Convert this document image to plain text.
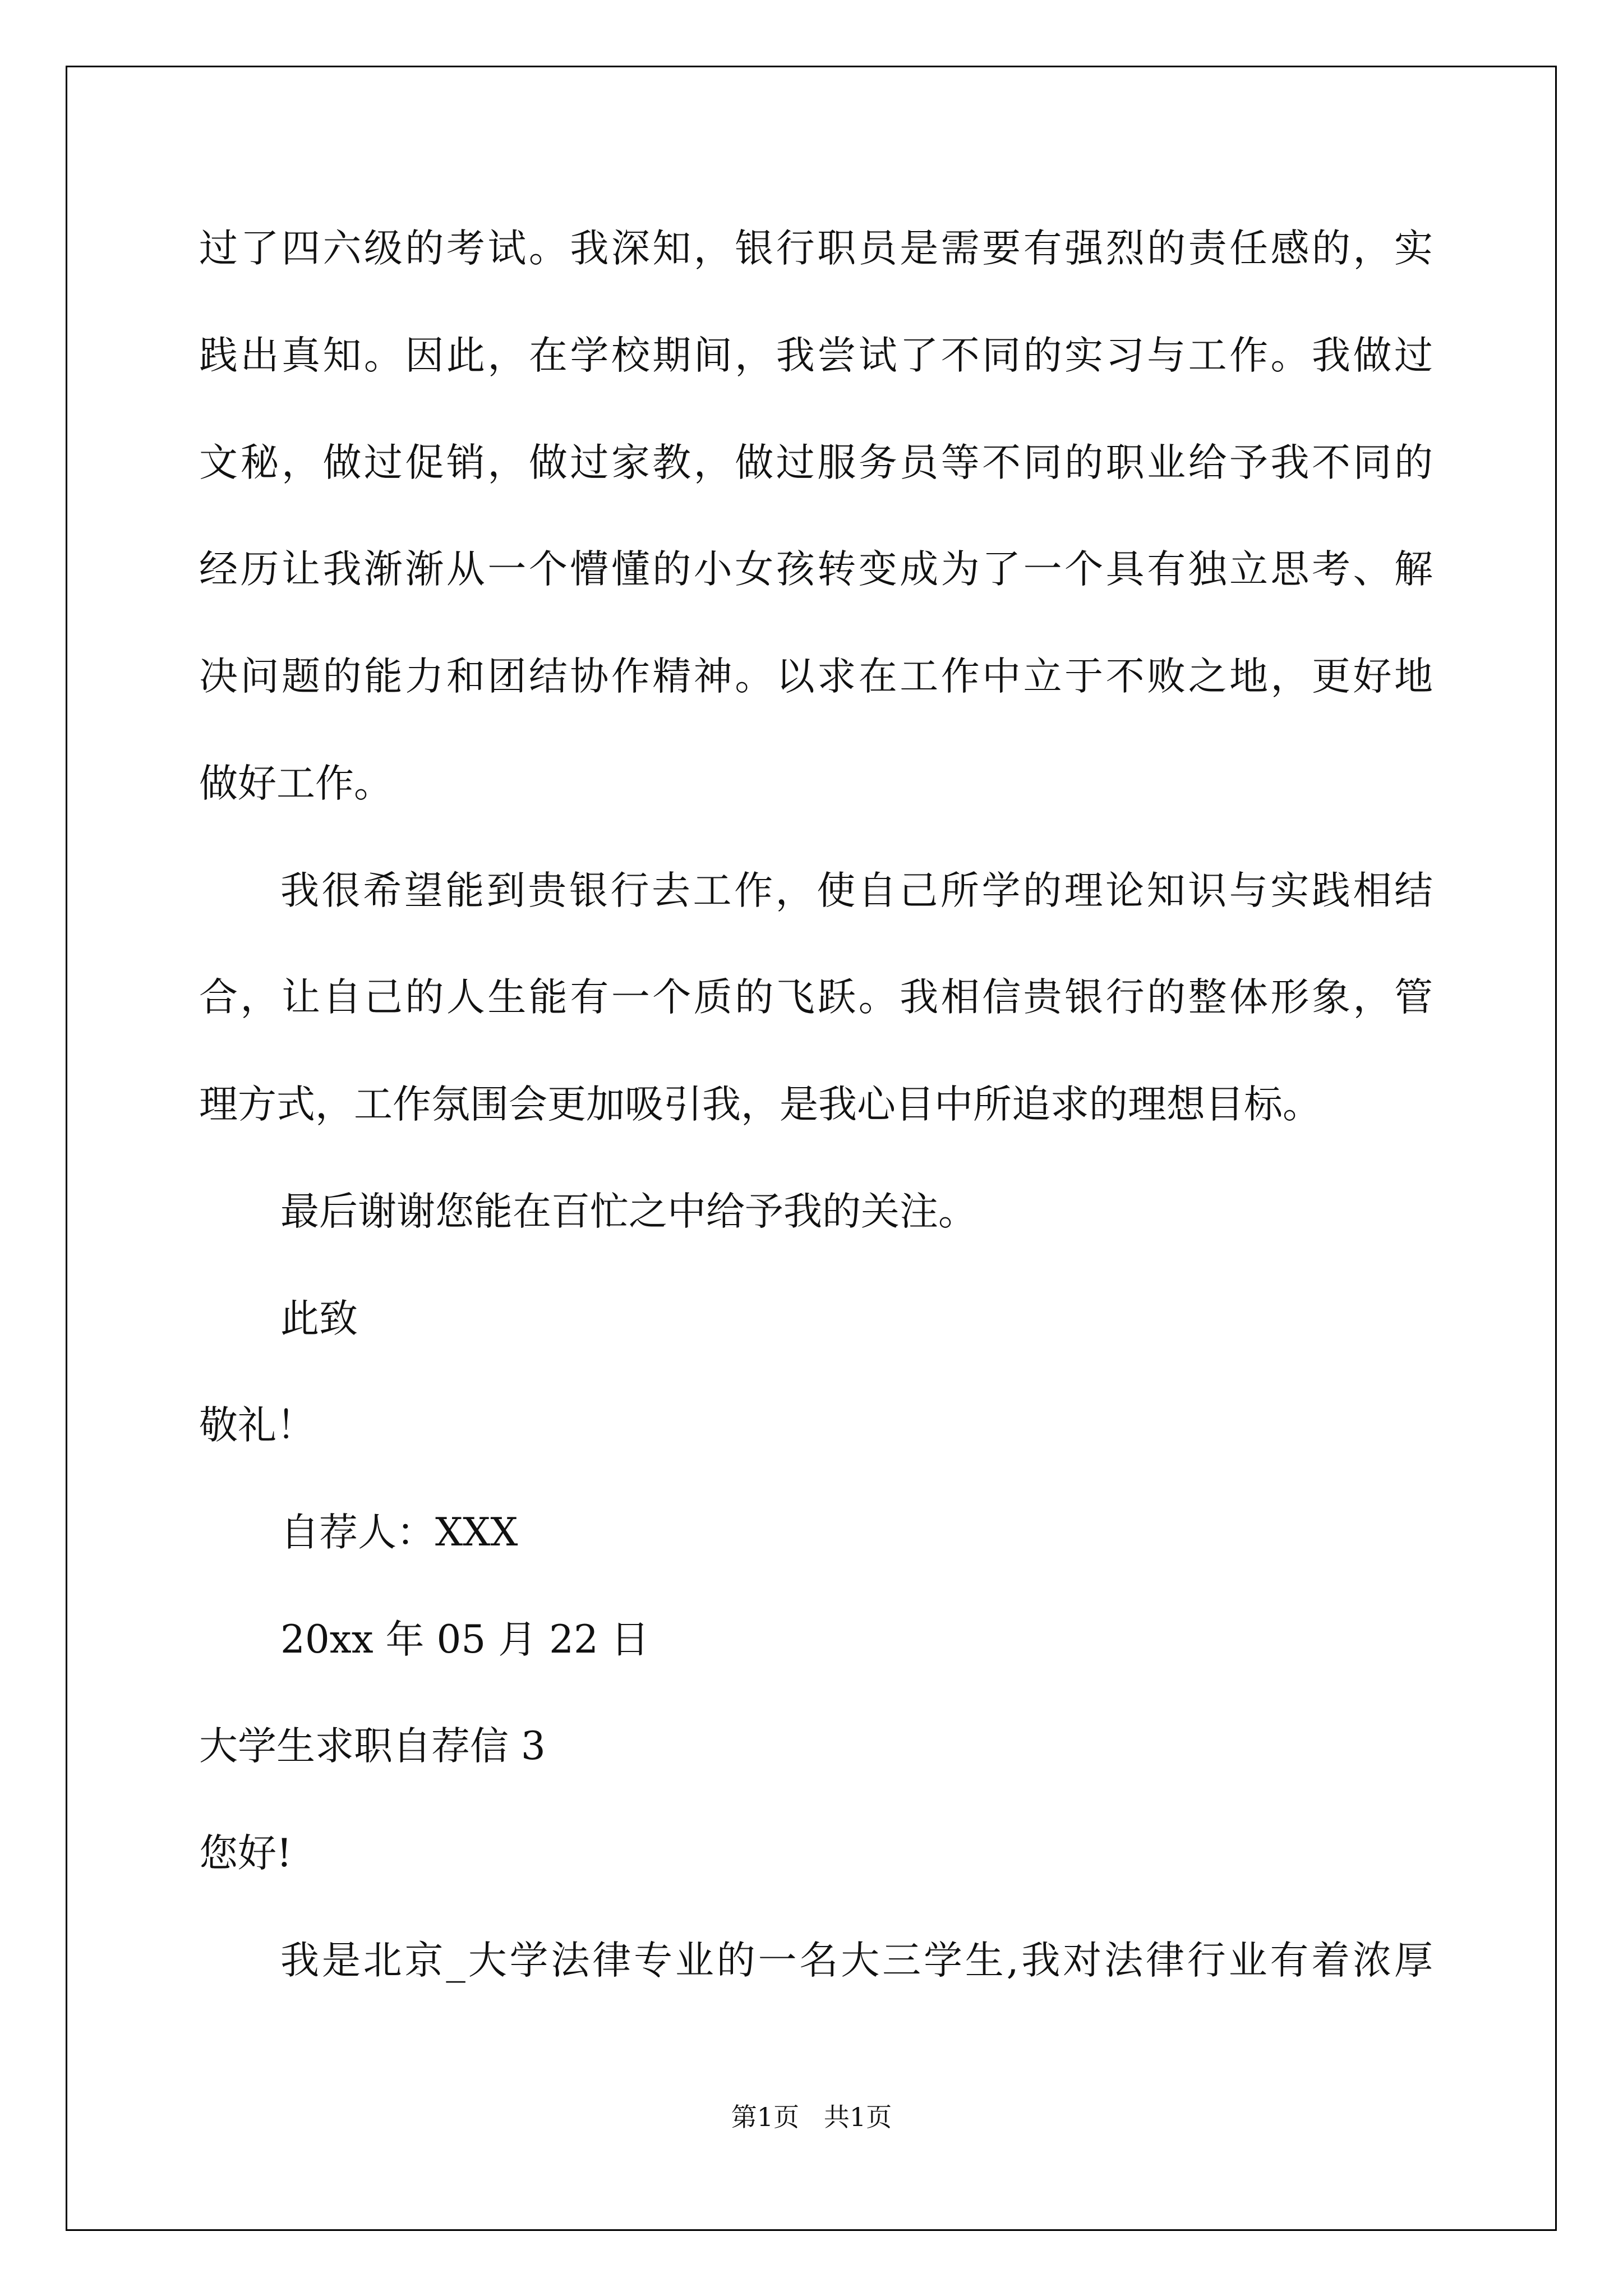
过了四六级的考试。我深知，银行职员是需要有强烈的责任感的，实
践出真知。因此，在学校期间，我尝试了不同的实习与工作。我做过
文秘，做过促销，做过家教，做过服务员等不同的职业给予我不同的
经历让我渐渐从一个懵懂的小女孩转变成为了一个具有独立思考、解
决问题的能力和团结协作精神。以求在工作中立于不败之地，更好地
做好工作。
我很希望能到贵银行去工作，使自己所学的理论知识与实践相结
合，让自己的人生能有一个质的飞跃。我相信贵银行的整体形象，管
理方式，工作氛围会更加吸引我，是我心目中所追求的理想目标。
最后谢谢您能在百忙之中给予我的关注。
此致
敬礼！
自荐人：XXX
20xx 年 05 月 22 日
大学生求职自荐信 3
您好!
我是北京_大学法律专业的一名大三学生,我对法律行业有着浓厚
第1页   共1页
